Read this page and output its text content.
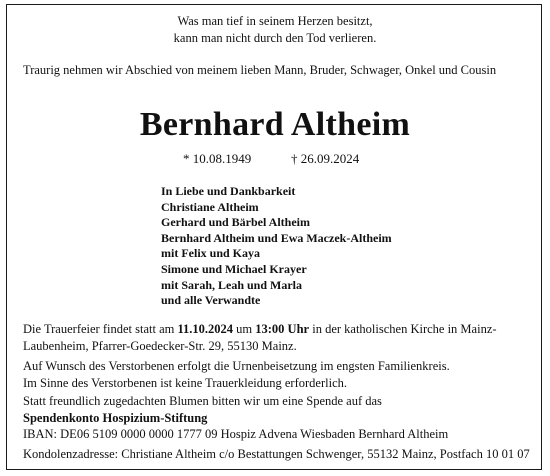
Was man tief in seinem Herzen besitzt,
kann man nicht durch den Tod verlieren.
Traurig nehmen wir Abschied von meinem lieben Mann, Bruder, Schwager, Onkel und Cousin
Bernhard Altheim
* 10.08.1949	† 26.09.2024
In Liebe und Dankbarkeit
Christiane Altheim
Gerhard und Bärbel Altheim
Bernhard Altheim und Ewa Maczek-Altheim
mit Felix und Kaya
Simone und Michael Krayer
mit Sarah, Leah und Marla
und alle Verwandte
Die Trauerfeier findet statt am 11.10.2024 um 13:00 Uhr in der katholischen Kirche in Mainz-
Laubenheim, Pfarrer-Goedecker-Str. 29, 55130 Mainz.
Auf Wunsch des Verstorbenen erfolgt die Urnenbeisetzung im engsten Familienkreis.
Im Sinne des Verstorbenen ist keine Trauerkleidung erforderlich.
Statt freundlich zugedachten Blumen bitten wir um eine Spende auf das
Spendenkonto Hospizium-Stiftung
IBAN: DE06 5109 0000 0000 1777 09 Hospiz Advena Wiesbaden Bernhard Altheim
Kondolenzadresse: Christiane Altheim c/o Bestattungen Schwenger, 55132 Mainz, Postfach 10 01 07
